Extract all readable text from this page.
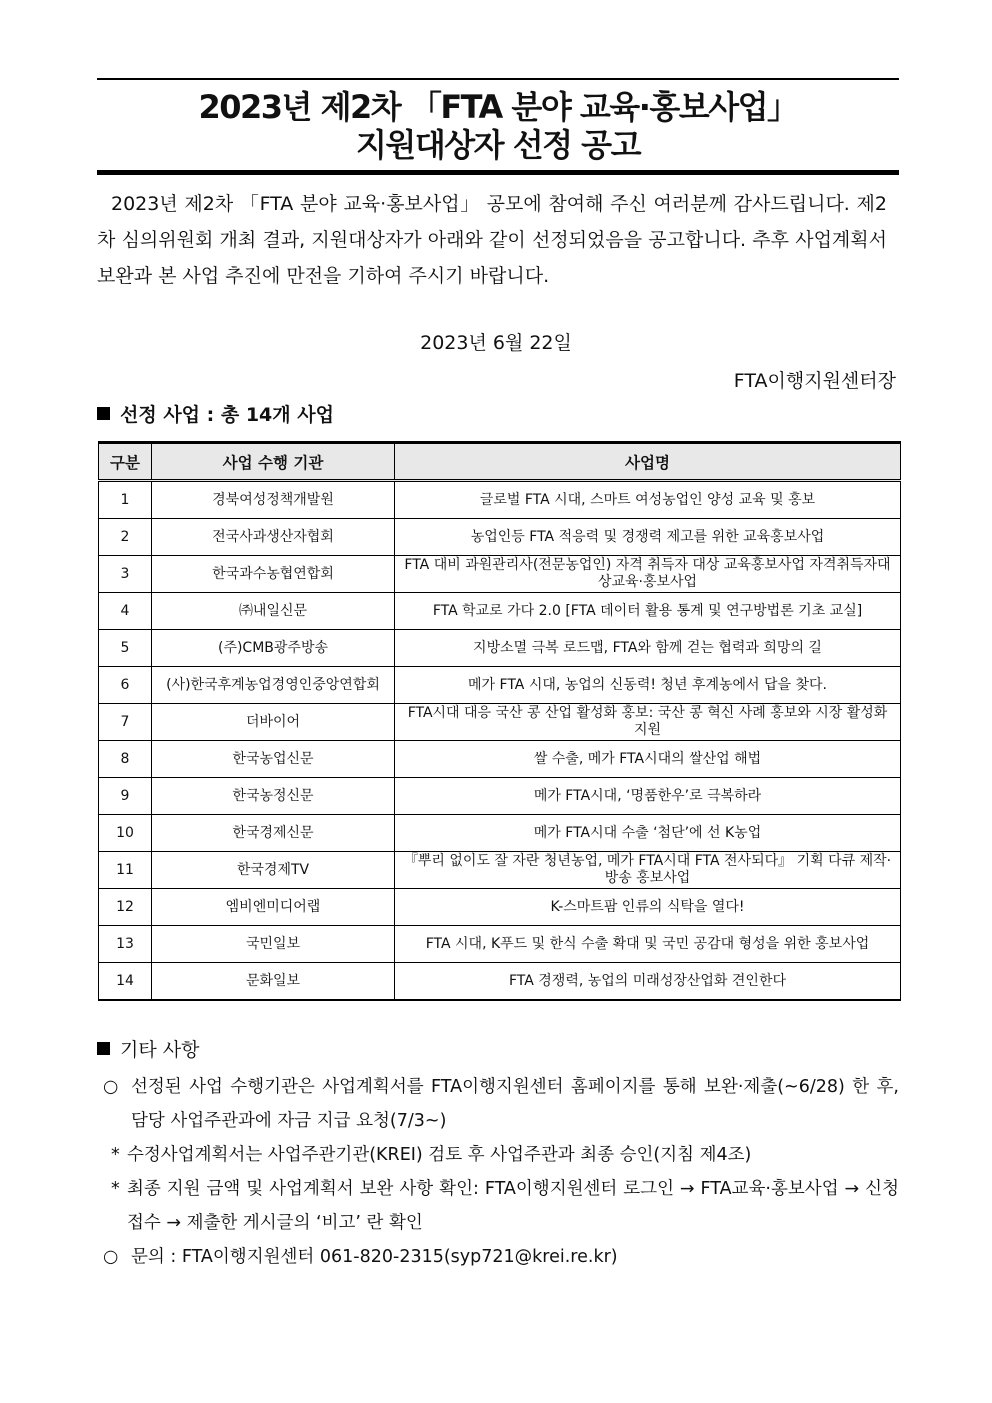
2023년 제2차 「FTA 분야 교육·홍보사업」
지원대상자 선정 공고

2023년 제2차 「FTA 분야 교육·홍보사업」 공모에 참여해 주신 여러분께 감사드립니다. 제2차 심의위원회 개최 결과, 지원대상자가 아래와 같이 선정되었음을 공고합니다. 추후 사업계획서 보완과 본 사업 추진에 만전을 기하여 주시기 바랍니다.

2023년 6월 22일
FTA이행지원센터장
선정 사업 : 총 14개 사업
구분	사업 수행 기관	사업명
1	경북여성정책개발원	글로벌 FTA 시대, 스마트 여성농업인 양성 교육 및 홍보
2	전국사과생산자협회	농업인등 FTA 적응력 및 경쟁력 제고를 위한 교육홍보사업
3	한국과수농협연합회	FTA 대비 과원관리사(전문농업인) 자격 취득자 대상 교육홍보사업 자격취득자대상교육·홍보사업
4	㈜내일신문	FTA 학교로 가다 2.0 [FTA 데이터 활용 통계 및 연구방법론 기초 교실]
5	(주)CMB광주방송	지방소멸 극복 로드맵, FTA와 함께 걷는 협력과 희망의 길
6	(사)한국후계농업경영인중앙연합회	메가 FTA 시대, 농업의 신동력! 청년 후계농에서 답을 찾다.
7	더바이어	FTA시대 대응 국산 콩 산업 활성화 홍보: 국산 콩 혁신 사례 홍보와 시장 활성화 지원
8	한국농업신문	쌀 수출, 메가 FTA시대의 쌀산업 해법
9	한국농정신문	메가 FTA시대, ‘명품한우’로 극복하라
10	한국경제신문	메가 FTA시대 수출 ‘첨단’에 선 K농업
11	한국경제TV	『뿌리 없이도 잘 자란 청년농업, 메가 FTA시대 FTA 전사되다』 기획 다큐 제작·방송 홍보사업
12	엠비엔미디어랩	K-스마트팜 인류의 식탁을 열다!
13	국민일보	FTA 시대, K푸드 및 한식 수출 확대 및 국민 공감대 형성을 위한 홍보사업
14	문화일보	FTA 경쟁력, 농업의 미래성장산업화 견인한다
기타 사항
○ 선정된 사업 수행기관은 사업계획서를 FTA이행지원센터 홈페이지를 통해 보완·제출(~6/28) 한 후, 담당 사업주관과에 자금 지급 요청(7/3~)
* 수정사업계획서는 사업주관기관(KREI) 검토 후 사업주관과 최종 승인(지침 제4조)
* 최종 지원 금액 및 사업계획서 보완 사항 확인: FTA이행지원센터 로그인 → FTA교육·홍보사업 → 신청 접수 → 제출한 게시글의 ‘비고’ 란 확인
○ 문의 : FTA이행지원센터 061-820-2315(syp721@krei.re.kr)
